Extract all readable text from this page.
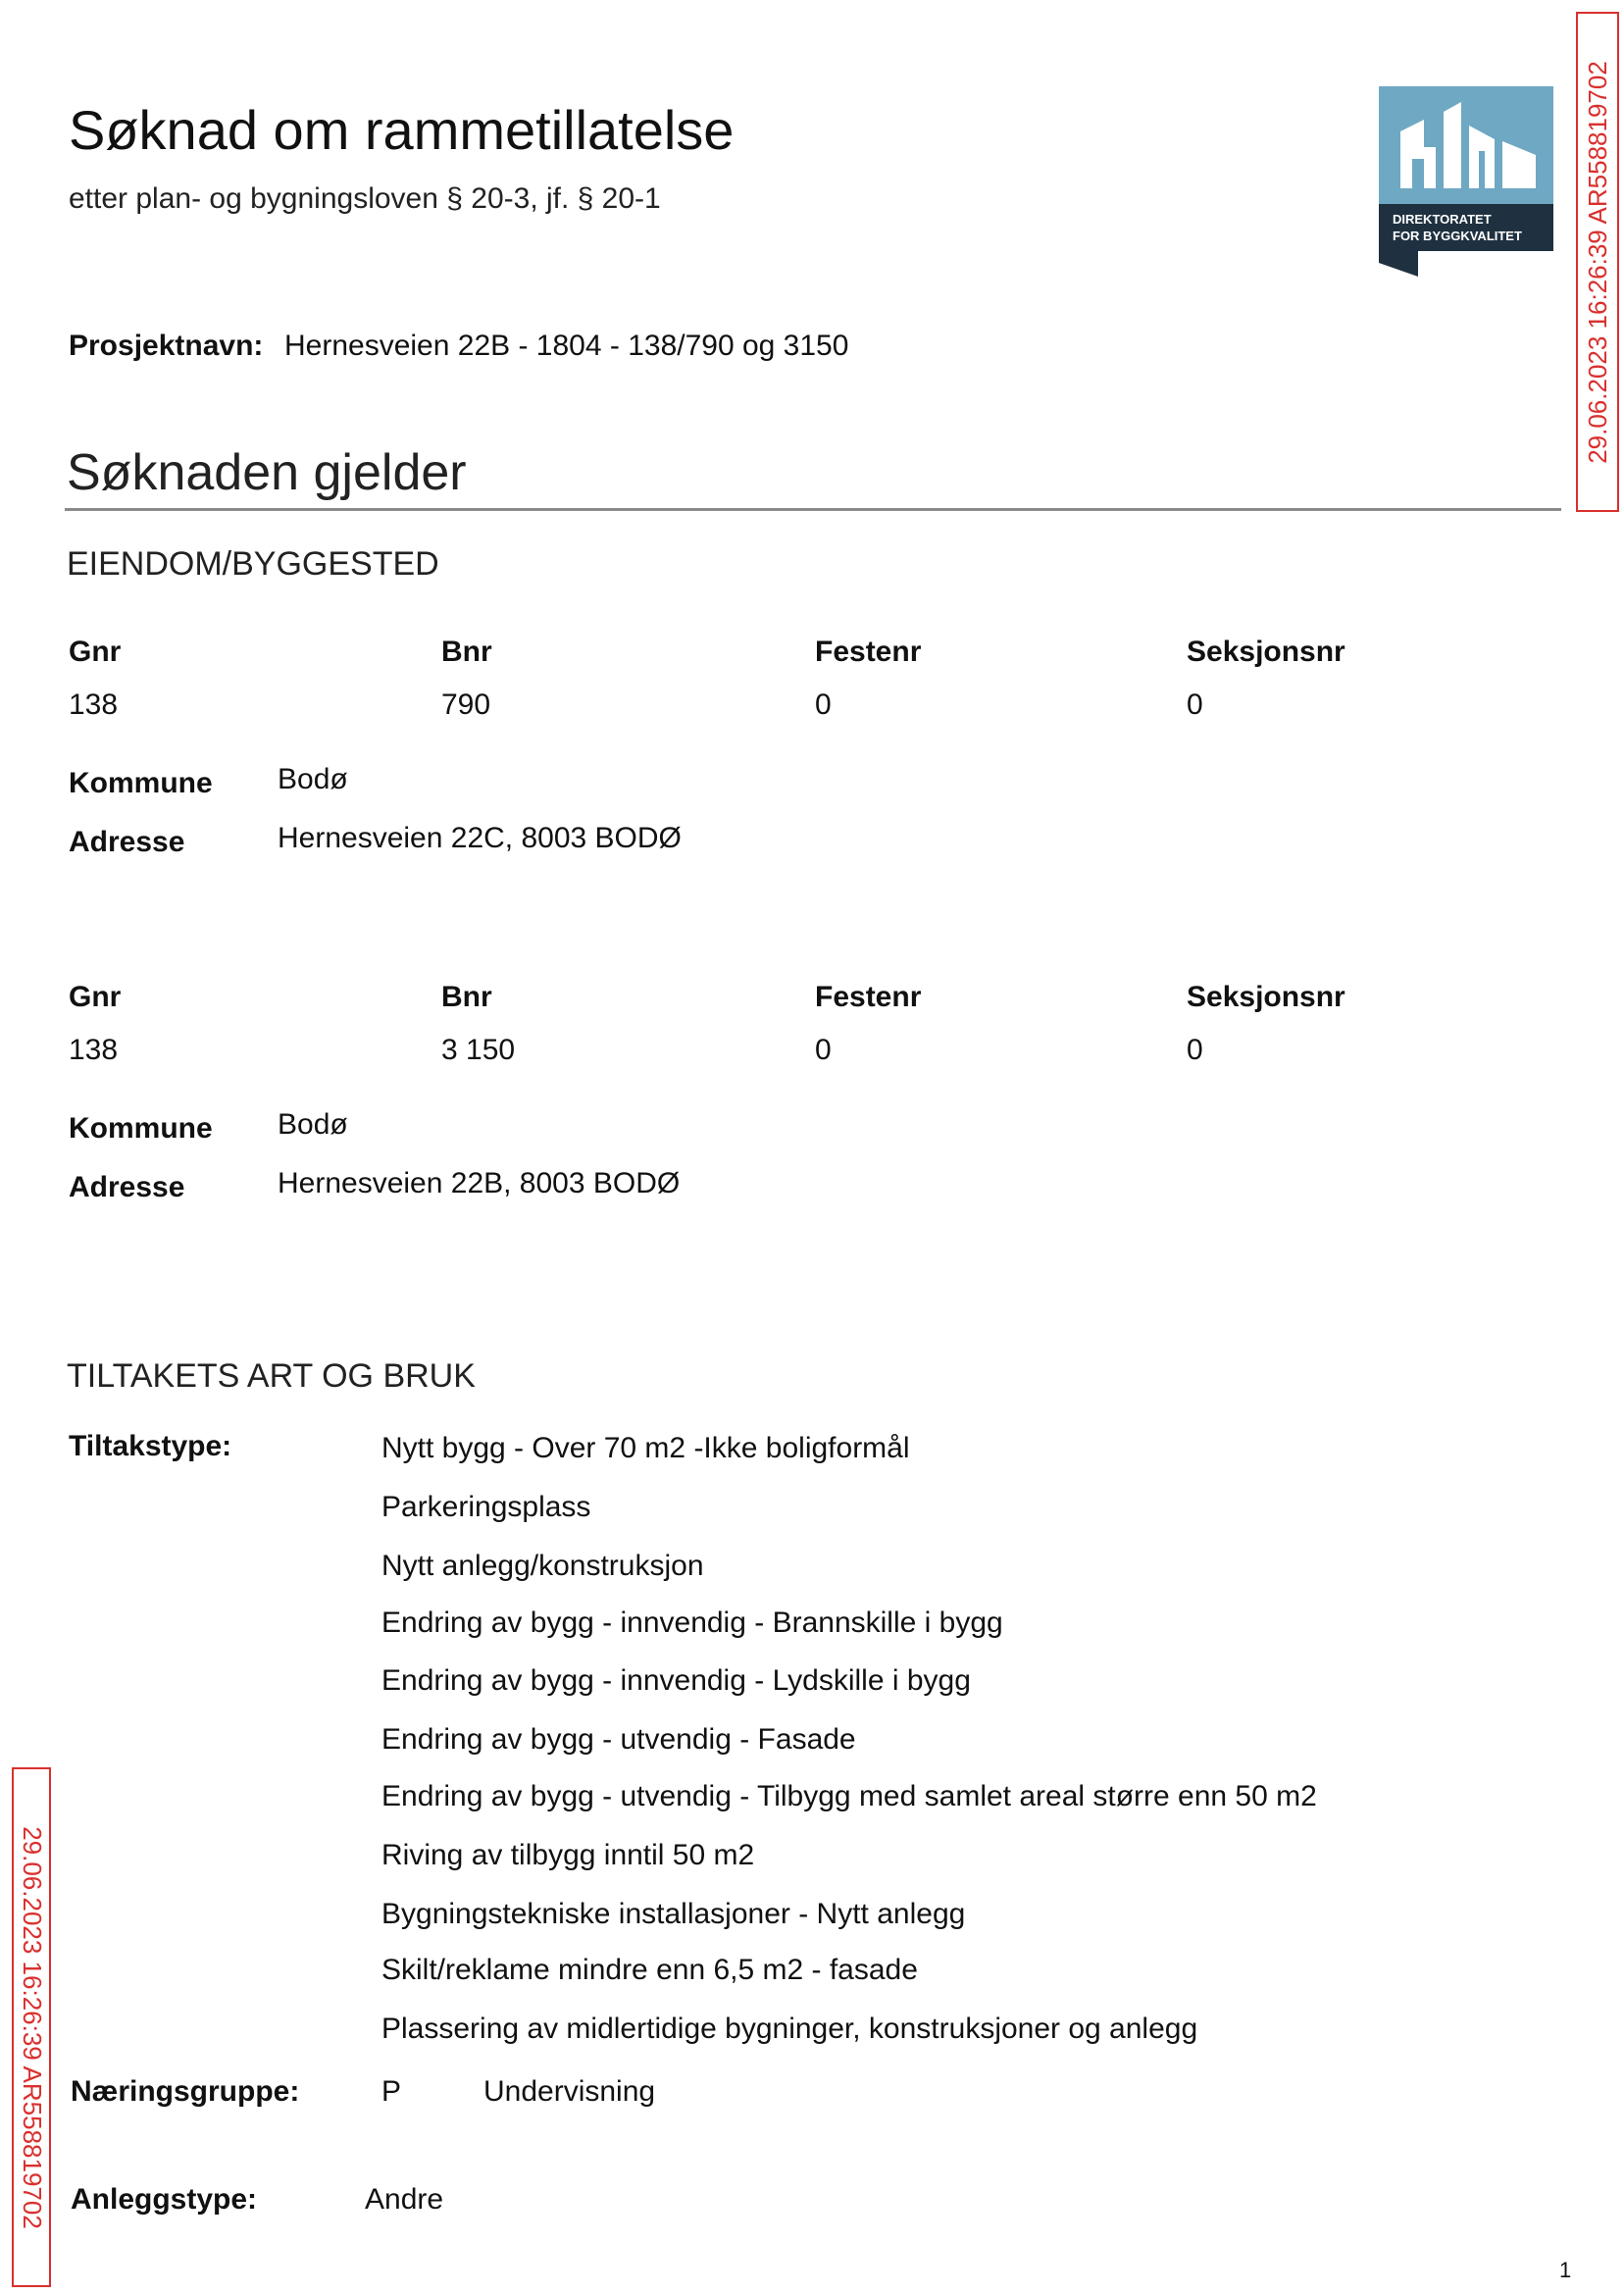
Søknad om rammetillatelse
etter plan- og bygningsloven § 20-3, jf. § 20-1
DIREKTORATET
FOR BYGGKVALITET 29.06.2023 16:26:39 AR558819702
29.06.2023 16:26:39 AR558819702
Prosjektnavn: Hernesveien 22B - 1804 - 138/790 og 3150
Søknaden gjelder
EIENDOM/BYGGESTED
Gnr	Bnr	Festenr	Seksjonsnr
138	790	0	0
Kommune Bodø
Adresse	Hernesveien 22C, 8003 BODØ
Gnr	Bnr	Festenr	Seksjonsnr
138	3 150	0	0
Kommune Bodø
Adresse	Hernesveien 22B, 8003 BODØ
TILTAKETS ART OG BRUK
Tiltakstype:	Nytt bygg - Over 70 m2 -Ikke boligformål
Parkeringsplass
Nytt anlegg/konstruksjon
Endring av bygg - innvendig - Brannskille i bygg
Endring av bygg - innvendig - Lydskille i bygg
Endring av bygg - utvendig - Fasade
Endring av bygg - utvendig - Tilbygg med samlet areal større enn 50 m2
Riving av tilbygg inntil 50 m2
Bygningstekniske installasjoner - Nytt anlegg
Skilt/reklame mindre enn 6,5 m2 - fasade
Plassering av midlertidige bygninger, konstruksjoner og anlegg
Næringsgruppe:	P	Undervisning
Anleggstype:	Andre
1
